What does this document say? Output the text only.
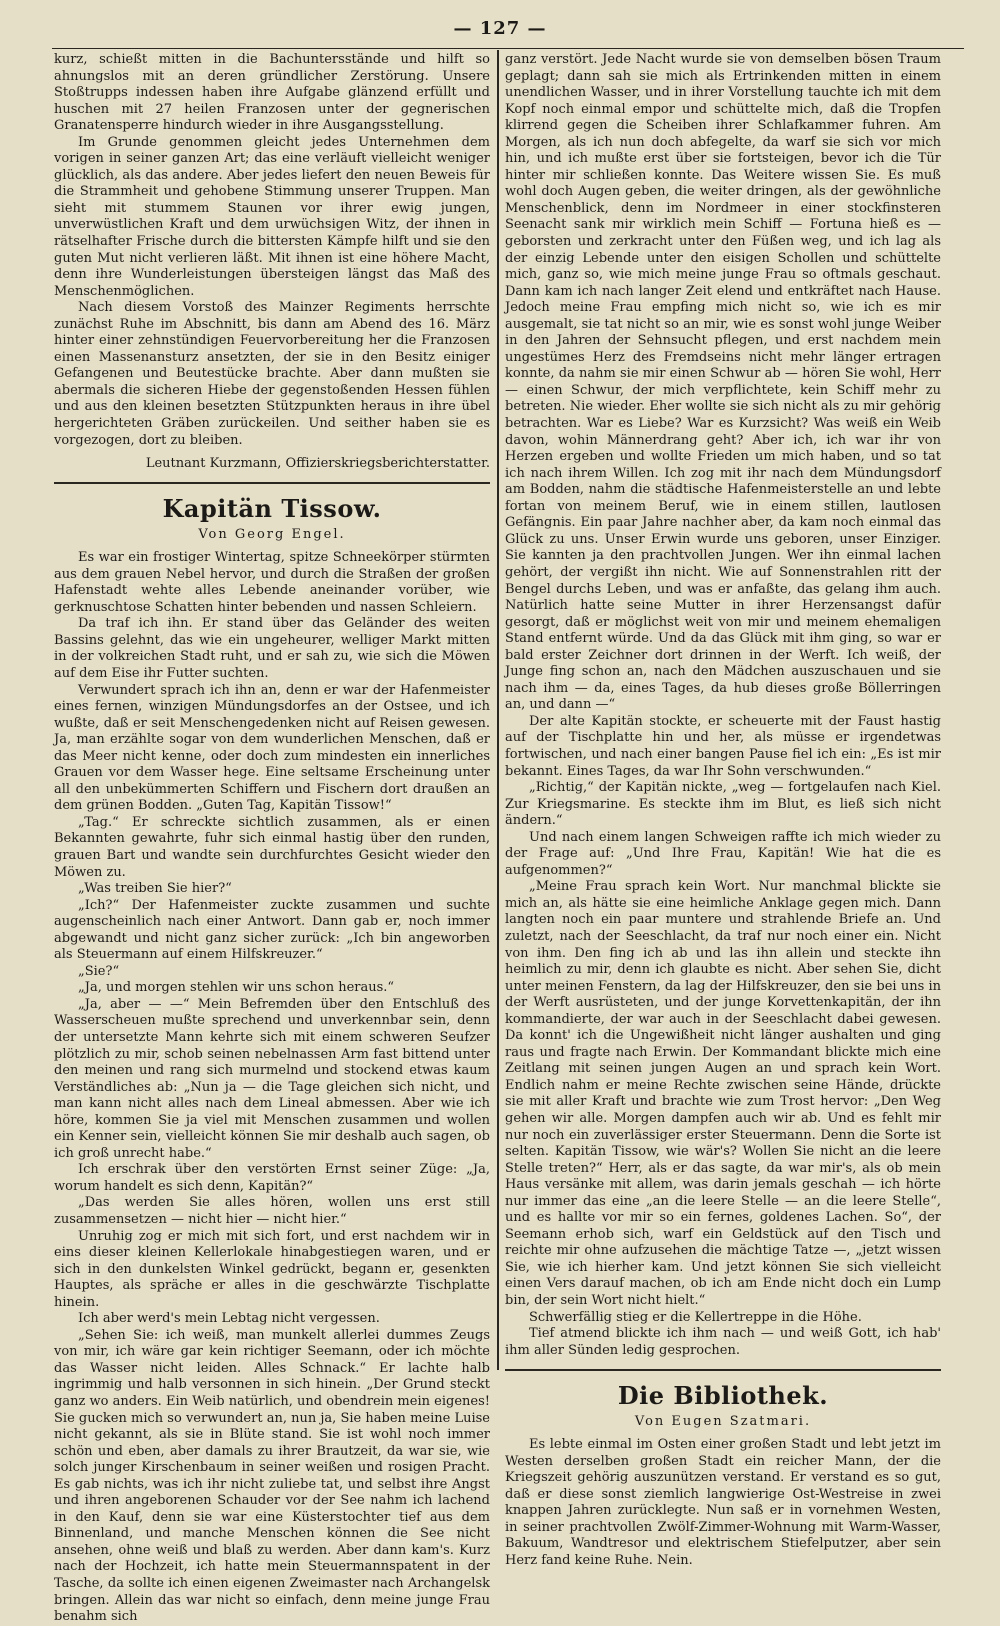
— 127 —

kurz, schießt mitten in die Bachuntersstände und hilft so ahnungslos mit an deren gründlicher Zerstörung. Unsere Stoßtrupps indessen haben ihre Aufgabe glänzend erfüllt und huschen mit 27 heilen Franzosen unter der gegnerischen Granatensperre hindurch wieder in ihre Ausgangsstellung.

Im Grunde genommen gleicht jedes Unternehmen dem vorigen in seiner ganzen Art; das eine verläuft vielleicht weniger glücklich, als das andere. Aber jedes liefert den neuen Beweis für die Strammheit und gehobene Stimmung unserer Truppen. Man sieht mit stummem Staunen vor ihrer ewig jungen, unverwüstlichen Kraft und dem urwüchsigen Witz, der ihnen in rätselhafter Frische durch die bittersten Kämpfe hilft und sie den guten Mut nicht verlieren läßt. Mit ihnen ist eine höhere Macht, denn ihre Wunderleistungen übersteigen längst das Maß des Menschenmöglichen.

Nach diesem Vorstoß des Mainzer Regiments herrschte zunächst Ruhe im Abschnitt, bis dann am Abend des 16. März hinter einer zehnstündigen Feuervorbereitung her die Franzosen einen Massenansturz ansetzten, der sie in den Besitz einiger Gefangenen und Beutestücke brachte. Aber dann mußten sie abermals die sicheren Hiebe der gegenstoßenden Hessen fühlen und aus den kleinen besetzten Stützpunkten heraus in ihre übel hergerichteten Gräben zurückeilen. Und seither haben sie es vorgezogen, dort zu bleiben.

Leutnant Kurzmann, Offizierskriegsberichterstatter.

Kapitän Tissow.
Von Georg Engel.

Es war ein frostiger Wintertag, spitze Schneekörper stürmten aus dem grauen Nebel hervor, und durch die Straßen der großen Hafenstadt wehte alles Lebende aneinander vorüber, wie gerknuschtose Schatten hinter bebenden und nassen Schleiern.

Da traf ich ihn. Er stand über das Geländer des weiten Bassins gelehnt, das wie ein ungeheurer, welliger Markt mitten in der volkreichen Stadt ruht, und er sah zu, wie sich die Möwen auf dem Eise ihr Futter suchten.

Verwundert sprach ich ihn an, denn er war der Hafenmeister eines fernen, winzigen Mündungsdorfes an der Ostsee, und ich wußte, daß er seit Menschengedenken nicht auf Reisen gewesen. Ja, man erzählte sogar von dem wunderlichen Menschen, daß er das Meer nicht kenne, oder doch zum mindesten ein innerliches Grauen vor dem Wasser hege. Eine seltsame Erscheinung unter all den unbekümmerten Schiffern und Fischern dort draußen an dem grünen Bodden. „Guten Tag, Kapitän Tissow!“

„Tag.“ Er schreckte sichtlich zusammen, als er einen Bekannten gewahrte, fuhr sich einmal hastig über den runden, grauen Bart und wandte sein durchfurchtes Gesicht wieder den Möwen zu.

„Was treiben Sie hier?“

„Ich?“ Der Hafenmeister zuckte zusammen und suchte augenscheinlich nach einer Antwort. Dann gab er, noch immer abgewandt und nicht ganz sicher zurück: „Ich bin angeworben als Steuermann auf einem Hilfskreuzer.“

„Sie?“

„Ja, und morgen stehlen wir uns schon heraus.“

„Ja, aber — —“ Mein Befremden über den Entschluß des Wasserscheuen mußte sprechend und unverkennbar sein, denn der untersetzte Mann kehrte sich mit einem schweren Seufzer plötzlich zu mir, schob seinen nebelnassen Arm fast bittend unter den meinen und rang sich murmelnd und stockend etwas kaum Verständliches ab: „Nun ja — die Tage gleichen sich nicht, und man kann nicht alles nach dem Lineal abmessen. Aber wie ich höre, kommen Sie ja viel mit Menschen zusammen und wollen ein Kenner sein, vielleicht können Sie mir deshalb auch sagen, ob ich groß unrecht habe.“

Ich erschrak über den verstörten Ernst seiner Züge: „Ja, worum handelt es sich denn, Kapitän?“

„Das werden Sie alles hören, wollen uns erst still zusammensetzen — nicht hier — nicht hier.“

Unruhig zog er mich mit sich fort, und erst nachdem wir in eins dieser kleinen Kellerlokale hinabgestiegen waren, und er sich in den dunkelsten Winkel gedrückt, begann er, gesenkten Hauptes, als spräche er alles in die geschwärzte Tischplatte hinein.

Ich aber werd's mein Lebtag nicht vergessen.

„Sehen Sie: ich weiß, man munkelt allerlei dummes Zeugs von mir, ich wäre gar kein richtiger Seemann, oder ich möchte das Wasser nicht leiden. Alles Schnack.“ Er lachte halb ingrimmig und halb versonnen in sich hinein. „Der Grund steckt ganz wo anders. Ein Weib natürlich, und obendrein mein eigenes! Sie gucken mich so verwundert an, nun ja, Sie haben meine Luise nicht gekannt, als sie in Blüte stand. Sie ist wohl noch immer schön und eben, aber damals zu ihrer Brautzeit, da war sie, wie solch junger Kirschenbaum in seiner weißen und rosigen Pracht. Es gab nichts, was ich ihr nicht zuliebe tat, und selbst ihre Angst und ihren angeborenen Schauder vor der See nahm ich lachend in den Kauf, denn sie war eine Küsterstochter tief aus dem Binnenland, und manche Menschen können die See nicht ansehen, ohne weiß und blaß zu werden. Aber dann kam's. Kurz nach der Hochzeit, ich hatte mein Steuermannspatent in der Tasche, da sollte ich einen eigenen Zweimaster nach Archangelsk bringen. Allein das war nicht so einfach, denn meine junge Frau benahm sich

ganz verstört. Jede Nacht wurde sie von demselben bösen Traum geplagt; dann sah sie mich als Ertrinkenden mitten in einem unendlichen Wasser, und in ihrer Vorstellung tauchte ich mit dem Kopf noch einmal empor und schüttelte mich, daß die Tropfen klirrend gegen die Scheiben ihrer Schlafkammer fuhren. Am Morgen, als ich nun doch abfegelte, da warf sie sich vor mich hin, und ich mußte erst über sie fortsteigen, bevor ich die Tür hinter mir schließen konnte. Das Weitere wissen Sie. Es muß wohl doch Augen geben, die weiter dringen, als der gewöhnliche Menschenblick, denn im Nordmeer in einer stockfinsteren Seenacht sank mir wirklich mein Schiff — Fortuna hieß es — geborsten und zerkracht unter den Füßen weg, und ich lag als der einzig Lebende unter den eisigen Schollen und schüttelte mich, ganz so, wie mich meine junge Frau so oftmals geschaut. Dann kam ich nach langer Zeit elend und entkräftet nach Hause. Jedoch meine Frau empfing mich nicht so, wie ich es mir ausgemalt, sie tat nicht so an mir, wie es sonst wohl junge Weiber in den Jahren der Sehnsucht pflegen, und erst nachdem mein ungestümes Herz des Fremdseins nicht mehr länger ertragen konnte, da nahm sie mir einen Schwur ab — hören Sie wohl, Herr — einen Schwur, der mich verpflichtete, kein Schiff mehr zu betreten. Nie wieder. Eher wollte sie sich nicht als zu mir gehörig betrachten. War es Liebe? War es Kurzsicht? Was weiß ein Weib davon, wohin Männerdrang geht? Aber ich, ich war ihr von Herzen ergeben und wollte Frieden um mich haben, und so tat ich nach ihrem Willen. Ich zog mit ihr nach dem Mündungsdorf am Bodden, nahm die städtische Hafenmeisterstelle an und lebte fortan von meinem Beruf, wie in einem stillen, lautlosen Gefängnis. Ein paar Jahre nachher aber, da kam noch einmal das Glück zu uns. Unser Erwin wurde uns geboren, unser Einziger. Sie kannten ja den prachtvollen Jungen. Wer ihn einmal lachen gehört, der vergißt ihn nicht. Wie auf Sonnenstrahlen ritt der Bengel durchs Leben, und was er anfaßte, das gelang ihm auch. Natürlich hatte seine Mutter in ihrer Herzensangst dafür gesorgt, daß er möglichst weit von mir und meinem ehemaligen Stand entfernt würde. Und da das Glück mit ihm ging, so war er bald erster Zeichner dort drinnen in der Werft. Ich weiß, der Junge fing schon an, nach den Mädchen auszuschauen und sie nach ihm — da, eines Tages, da hub dieses große Böllerringen an, und dann —“

Der alte Kapitän stockte, er scheuerte mit der Faust hastig auf der Tischplatte hin und her, als müsse er irgendetwas fortwischen, und nach einer bangen Pause fiel ich ein: „Es ist mir bekannt. Eines Tages, da war Ihr Sohn verschwunden.“

„Richtig,“ der Kapitän nickte, „weg — fortgelaufen nach Kiel. Zur Kriegsmarine. Es steckte ihm im Blut, es ließ sich nicht ändern.“

Und nach einem langen Schweigen raffte ich mich wieder zu der Frage auf: „Und Ihre Frau, Kapitän! Wie hat die es aufgenommen?“

„Meine Frau sprach kein Wort. Nur manchmal blickte sie mich an, als hätte sie eine heimliche Anklage gegen mich. Dann langten noch ein paar muntere und strahlende Briefe an. Und zuletzt, nach der Seeschlacht, da traf nur noch einer ein. Nicht von ihm. Den fing ich ab und las ihn allein und steckte ihn heimlich zu mir, denn ich glaubte es nicht. Aber sehen Sie, dicht unter meinen Fenstern, da lag der Hilfskreuzer, den sie bei uns in der Werft ausrüsteten, und der junge Korvettenkapitän, der ihn kommandierte, der war auch in der Seeschlacht dabei gewesen. Da konnt' ich die Ungewißheit nicht länger aushalten und ging raus und fragte nach Erwin. Der Kommandant blickte mich eine Zeitlang mit seinen jungen Augen an und sprach kein Wort. Endlich nahm er meine Rechte zwischen seine Hände, drückte sie mit aller Kraft und brachte wie zum Trost hervor: „Den Weg gehen wir alle. Morgen dampfen auch wir ab. Und es fehlt mir nur noch ein zuverlässiger erster Steuermann. Denn die Sorte ist selten. Kapitän Tissow, wie wär's? Wollen Sie nicht an die leere Stelle treten?“ Herr, als er das sagte, da war mir's, als ob mein Haus versänke mit allem, was darin jemals geschah — ich hörte nur immer das eine „an die leere Stelle — an die leere Stelle“, und es hallte vor mir so ein fernes, goldenes Lachen. So“, der Seemann erhob sich, warf ein Geldstück auf den Tisch und reichte mir ohne aufzusehen die mächtige Tatze —, „jetzt wissen Sie, wie ich hierher kam. Und jetzt können Sie sich vielleicht einen Vers darauf machen, ob ich am Ende nicht doch ein Lump bin, der sein Wort nicht hielt.“

Schwerfällig stieg er die Kellertreppe in die Höhe.

Tief atmend blickte ich ihm nach — und weiß Gott, ich hab' ihm aller Sünden ledig gesprochen.

Die Bibliothek.
Von Eugen Szatmari.

Es lebte einmal im Osten einer großen Stadt und lebt jetzt im Westen derselben großen Stadt ein reicher Mann, der die Kriegszeit gehörig auszunützen verstand. Er verstand es so gut, daß er diese sonst ziemlich langwierige Ost-Westreise in zwei knappen Jahren zurücklegte. Nun saß er in vornehmen Westen, in seiner prachtvollen Zwölf-Zimmer-Wohnung mit Warm-Wasser, Bakuum, Wandtresor und elektrischem Stiefelputzer, aber sein Herz fand keine Ruhe. Nein.
